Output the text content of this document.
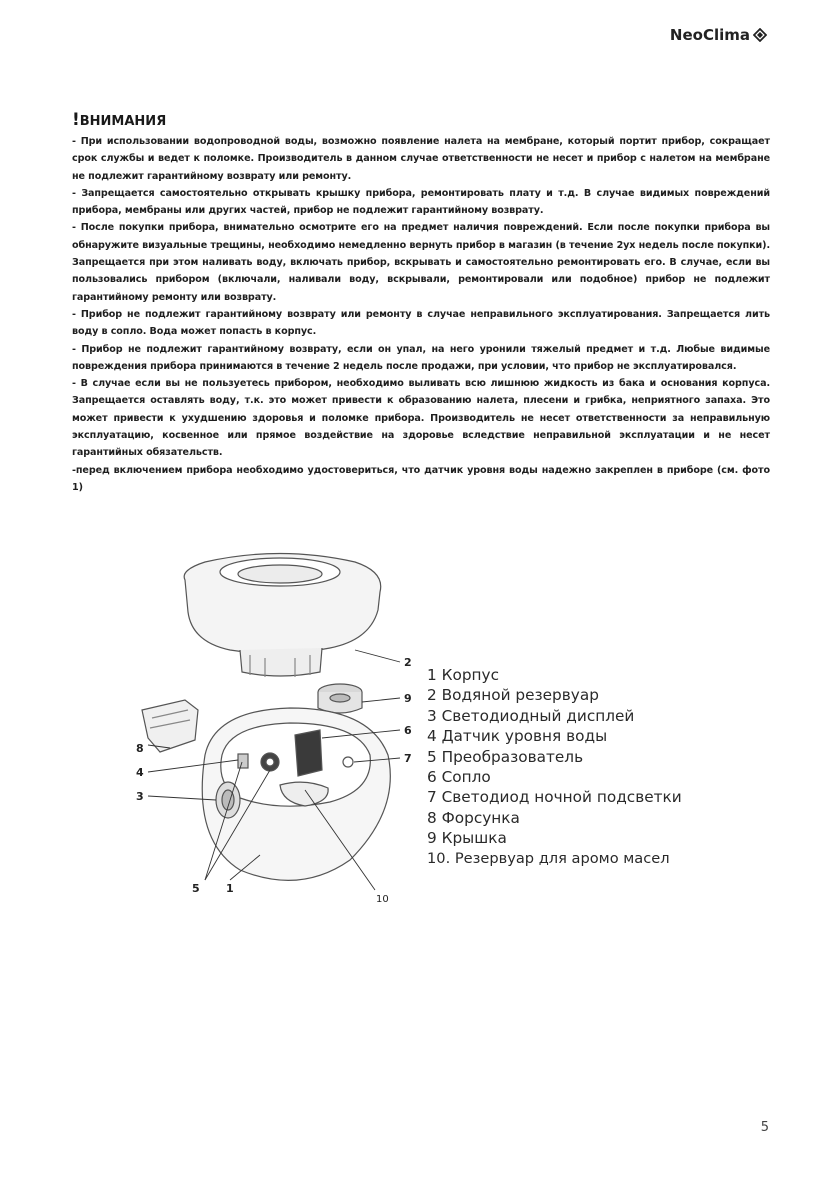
NeoClima

!ВНИМАНИЯ

- При использовании водопроводной воды, возможно появление налета на мембране, который портит прибор, сокращает срок службы и ведет к поломке. Производитель в данном случае ответственности не несет и прибор с налетом на мембране не подлежит гарантийному возврату или ремонту.

- Запрещается самостоятельно открывать крышку прибора, ремонтировать плату и т.д. В случае видимых повреждений прибора, мембраны или других частей, прибор не подлежит гарантийному возврату.

- После покупки прибора, внимательно осмотрите его на предмет наличия повреждений. Если после покупки прибора вы обнаружите визуальные трещины, необходимо немедленно вернуть прибор в магазин (в течение 2ух недель после покупки). Запрещается при этом наливать воду, включать прибор, вскрывать и самостоятельно ремонтировать его. В случае, если вы пользовались прибором (включали, наливали воду, вскрывали, ремонтировали или подобное) прибор не подлежит гарантийному ремонту или возврату.

- Прибор не подлежит гарантийному возврату или ремонту в случае неправильного эксплуатирования. Запрещается лить воду в сопло. Вода может попасть в корпус.

- Прибор не подлежит гарантийному возврату, если он упал, на него уронили тяжелый предмет и т.д. Любые видимые повреждения прибора принимаются в течение 2 недель после продажи, при условии, что прибор не эксплуатировался.

- В случае если вы не пользуетесь прибором, необходимо выливать всю лишнюю жидкость из бака и основания корпуса. Запрещается оставлять воду, т.к. это может привести к образованию налета, плесени и грибка, неприятного запаха. Это может привести к ухудшению здоровья и поломке прибора. Производитель не несет ответственности за неправильную эксплуатацию, косвенное или прямое воздействие на здоровье вследствие неправильной эксплуатации и не несет гарантийных обязательств.

-перед включением прибора необходимо удостовериться, что датчик уровня воды надежно закреплен в приборе (см. фото 1)

2
9
6
7
8
4
3
5 1
10
1 Корпус
2 Водяной резервуар
3 Светодиодный дисплей
4 Датчик уровня воды
5 Преобразователь
6 Сопло
7 Светодиод ночной подсветки
8 Форсунка
9 Крышка
10. Резервуар для аромо масел
5
